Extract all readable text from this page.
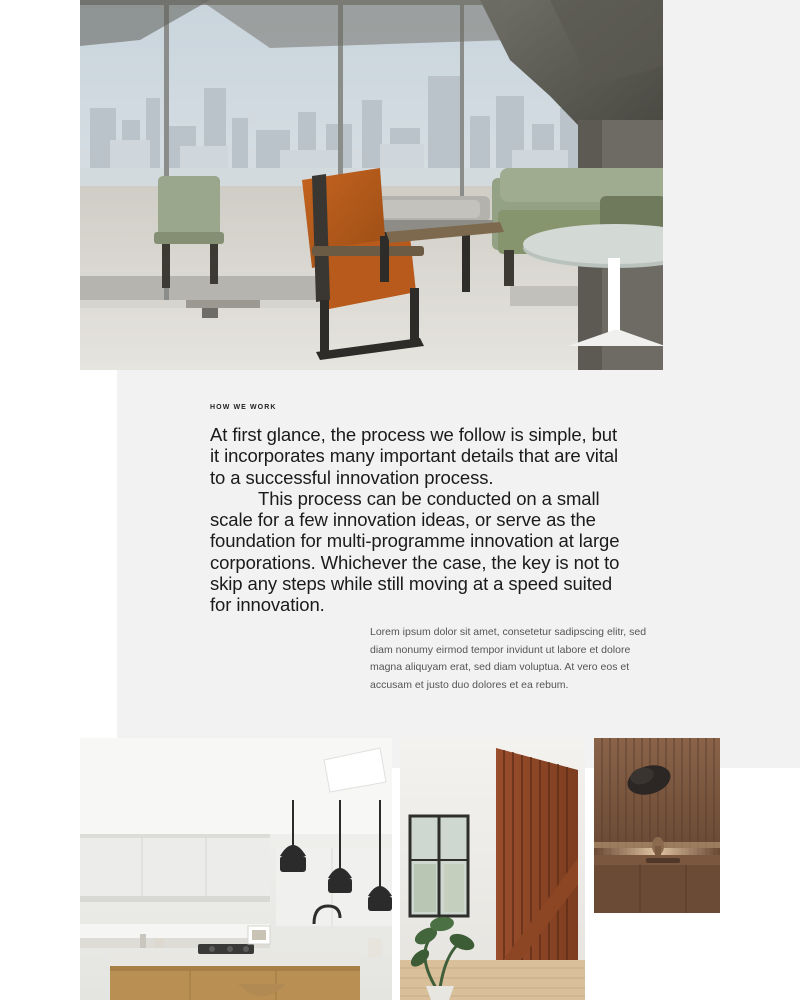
HOW WE WORK

At first glance, the process we follow is simple, but it incorporates many important details that are vital to a successful innovation process.

This process can be conducted on a small scale for a few innovation ideas, or serve as the foundation for multi-programme innovation at large corporations. Whichever the case, the key is not to skip any steps while still moving at a speed suited for innovation.

Lorem ipsum dolor sit amet, consetetur sadipscing elitr, sed diam nonumy eirmod tempor invidunt ut labore et dolore magna aliquyam erat, sed diam voluptua. At vero eos et accusam et justo duo dolores et ea rebum.
